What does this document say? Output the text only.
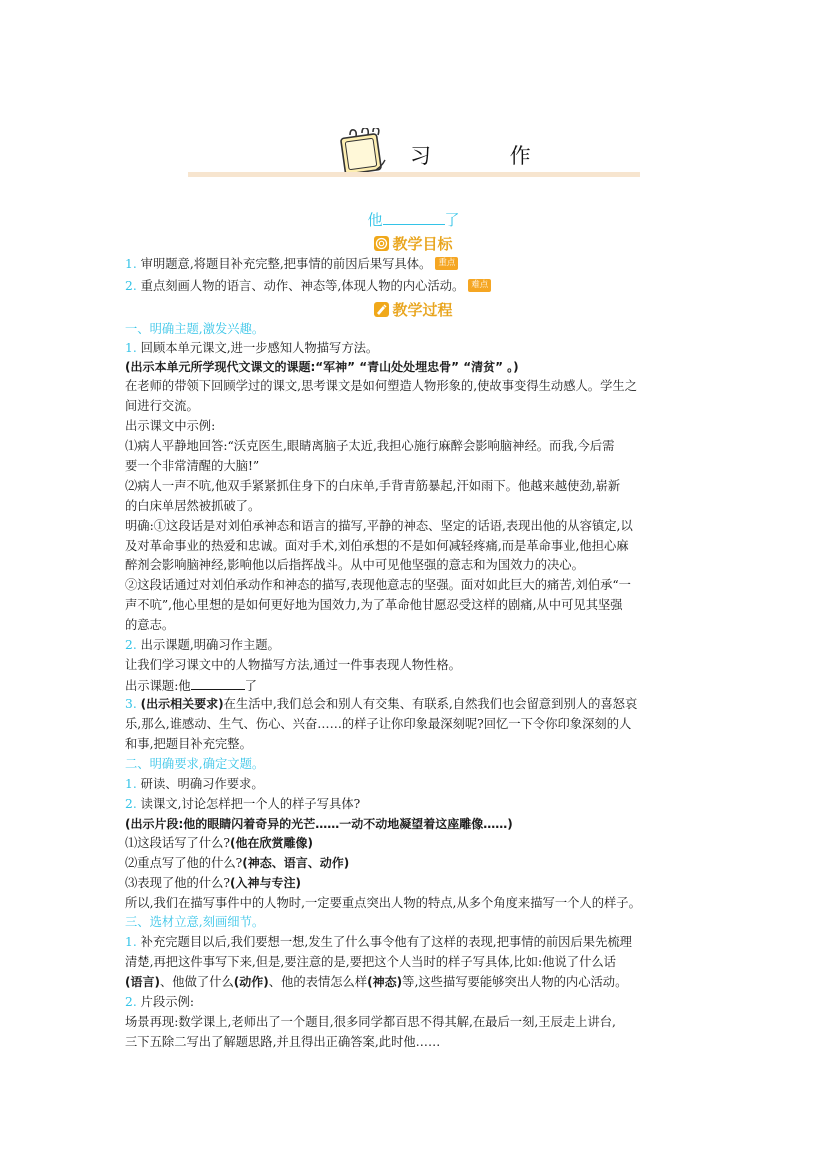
习 作
他	了
教学目标
1. 审明题意,将题目补充完整,把事情的前因后果写具体。 重点
2. 重点刻画人物的语言、动作、神态等,体现人物的内心活动。 难点
教学过程
一、明确主题,激发兴趣。
1. 回顾本单元课文,进一步感知人物描写方法。
(出示本单元所学现代文课文的课题:“军神” “青山处处埋忠骨” “清贫” 。)
在老师的带领下回顾学过的课文,思考课文是如何塑造人物形象的,使故事变得生动感人。学生之
间进行交流。
出示课文中示例:
⑴病人平静地回答:“沃克医生,眼睛离脑子太近,我担心施行麻醉会影响脑神经。而我,今后需
要一个非常清醒的大脑!”
⑵病人一声不吭,他双手紧紧抓住身下的白床单,手背青筋暴起,汗如雨下。他越来越使劲,崭新
的白床单居然被抓破了。
明确:①这段话是对刘伯承神态和语言的描写,平静的神态、坚定的话语,表现出他的从容镇定,以
及对革命事业的热爱和忠诚。面对手术,刘伯承想的不是如何减轻疼痛,而是革命事业,他担心麻
醉剂会影响脑神经,影响他以后指挥战斗。从中可见他坚强的意志和为国效力的决心。
②这段话通过对刘伯承动作和神态的描写,表现他意志的坚强。面对如此巨大的痛苦,刘伯承“一
声不吭”,他心里想的是如何更好地为国效力,为了革命他甘愿忍受这样的剧痛,从中可见其坚强
的意志。
2. 出示课题,明确习作主题。
让我们学习课文中的人物描写方法,通过一件事表现人物性格。
出示课题:他	了
3. (出示相关要求)在生活中,我们总会和别人有交集、有联系,自然我们也会留意到别人的喜怒哀
乐,那么,谁感动、生气、伤心、兴奋……的样子让你印象最深刻呢?回忆一下令你印象深刻的人
和事,把题目补充完整。
二、明确要求,确定文题。
1. 研读、明确习作要求。
2. 读课文,讨论怎样把一个人的样子写具体?
(出示片段:他的眼睛闪着奇异的光芒……一动不动地凝望着这座雕像……)
⑴这段话写了什么?(他在欣赏雕像)
⑵重点写了他的什么?(神态、语言、动作)
⑶表现了他的什么?(入神与专注)
所以,我们在描写事件中的人物时,一定要重点突出人物的特点,从多个角度来描写一个人的样子。
三、选材立意,刻画细节。
1. 补充完题目以后,我们要想一想,发生了什么事令他有了这样的表现,把事情的前因后果先梳理
清楚,再把这件事写下来,但是,要注意的是,要把这个人当时的样子写具体,比如:他说了什么话
(语言)、他做了什么(动作)、他的表情怎么样(神态)等,这些描写要能够突出人物的内心活动。
2. 片段示例:
场景再现:数学课上,老师出了一个题目,很多同学都百思不得其解,在最后一刻,王辰走上讲台,
三下五除二写出了解题思路,并且得出正确答案,此时他……
